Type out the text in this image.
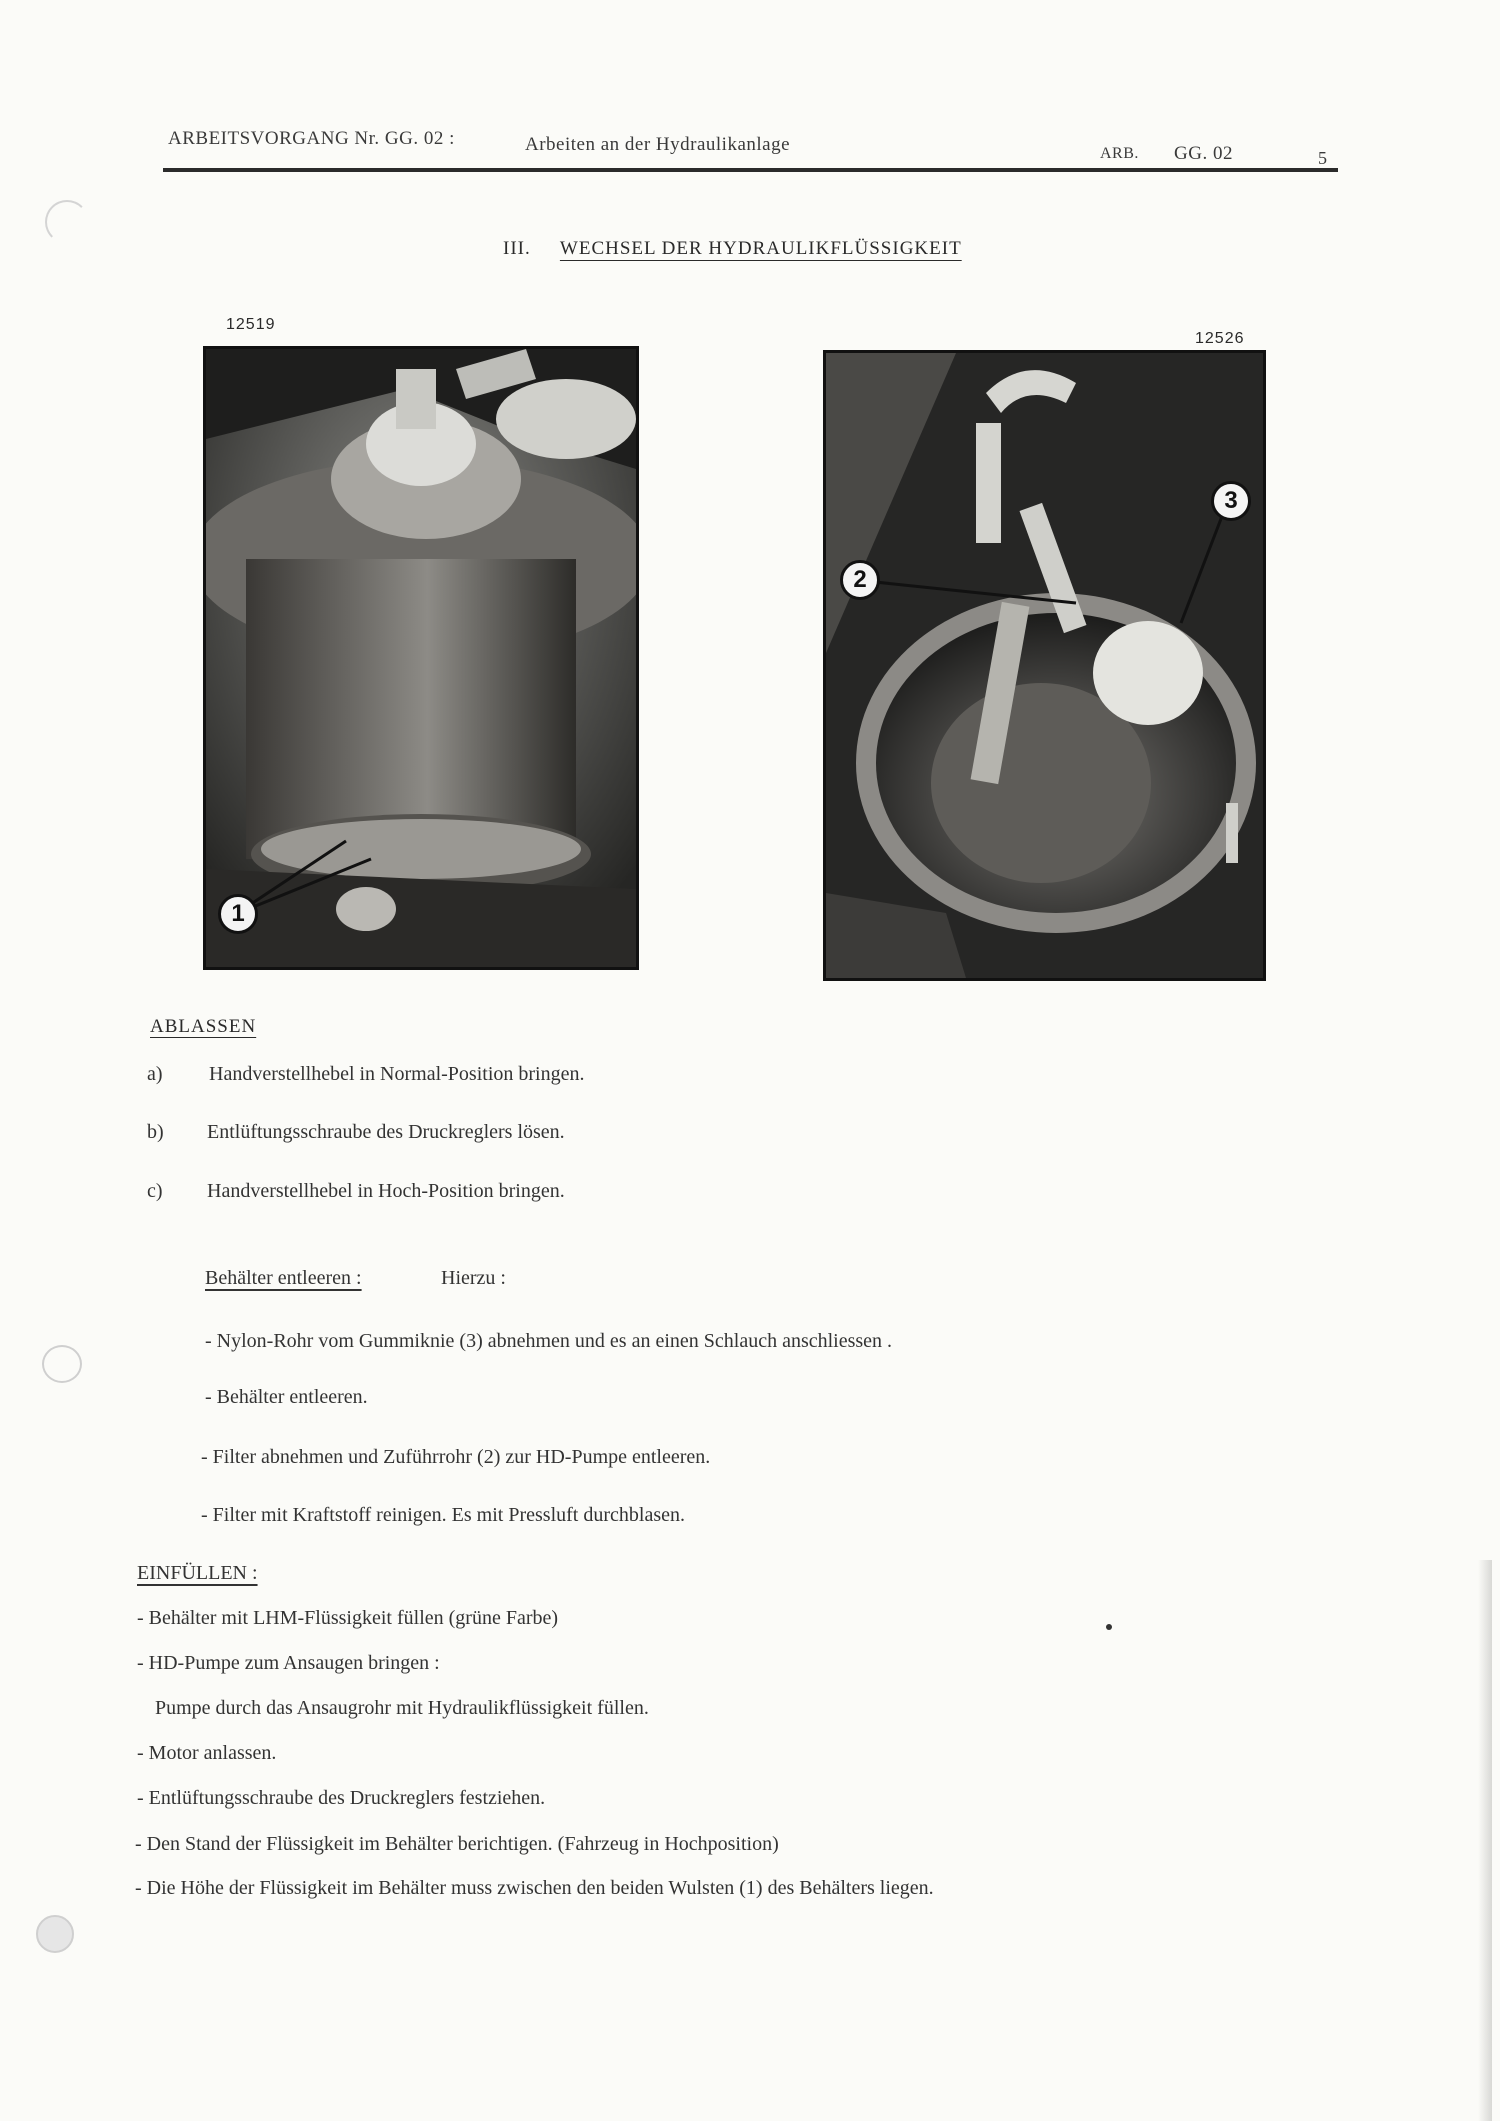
ARBEITSVORGANG Nr. GG. 02 :	Arbeiten an der Hydraulikanlage	ARB. GG. 02	5
III. WECHSEL DER HYDRAULIKFLÜSSIGKEIT
12519
1
12526
2
3
ABLASSEN
a) Handverstellhebel in Normal-Position bringen.
b) Entlüftungsschraube des Druckreglers lösen.
c) Handverstellhebel in Hoch-Position bringen.
Behälter entleeren :	Hierzu :
- Nylon-Rohr vom Gummiknie (3) abnehmen und es an einen Schlauch anschliessen .
- Behälter entleeren.
- Filter abnehmen und Zuführrohr (2) zur HD-Pumpe entleeren.
- Filter mit Kraftstoff reinigen. Es mit Pressluft durchblasen.
EINFÜLLEN :
- Behälter mit LHM-Flüssigkeit füllen (grüne Farbe)
- HD-Pumpe zum Ansaugen bringen :
Pumpe durch das Ansaugrohr mit Hydraulikflüssigkeit füllen.
- Motor anlassen.
- Entlüftungsschraube des Druckreglers festziehen.
- Den Stand der Flüssigkeit im Behälter berichtigen. (Fahrzeug in Hochposition)
- Die Höhe der Flüssigkeit im Behälter muss zwischen den beiden Wulsten (1) des Behälters liegen.
